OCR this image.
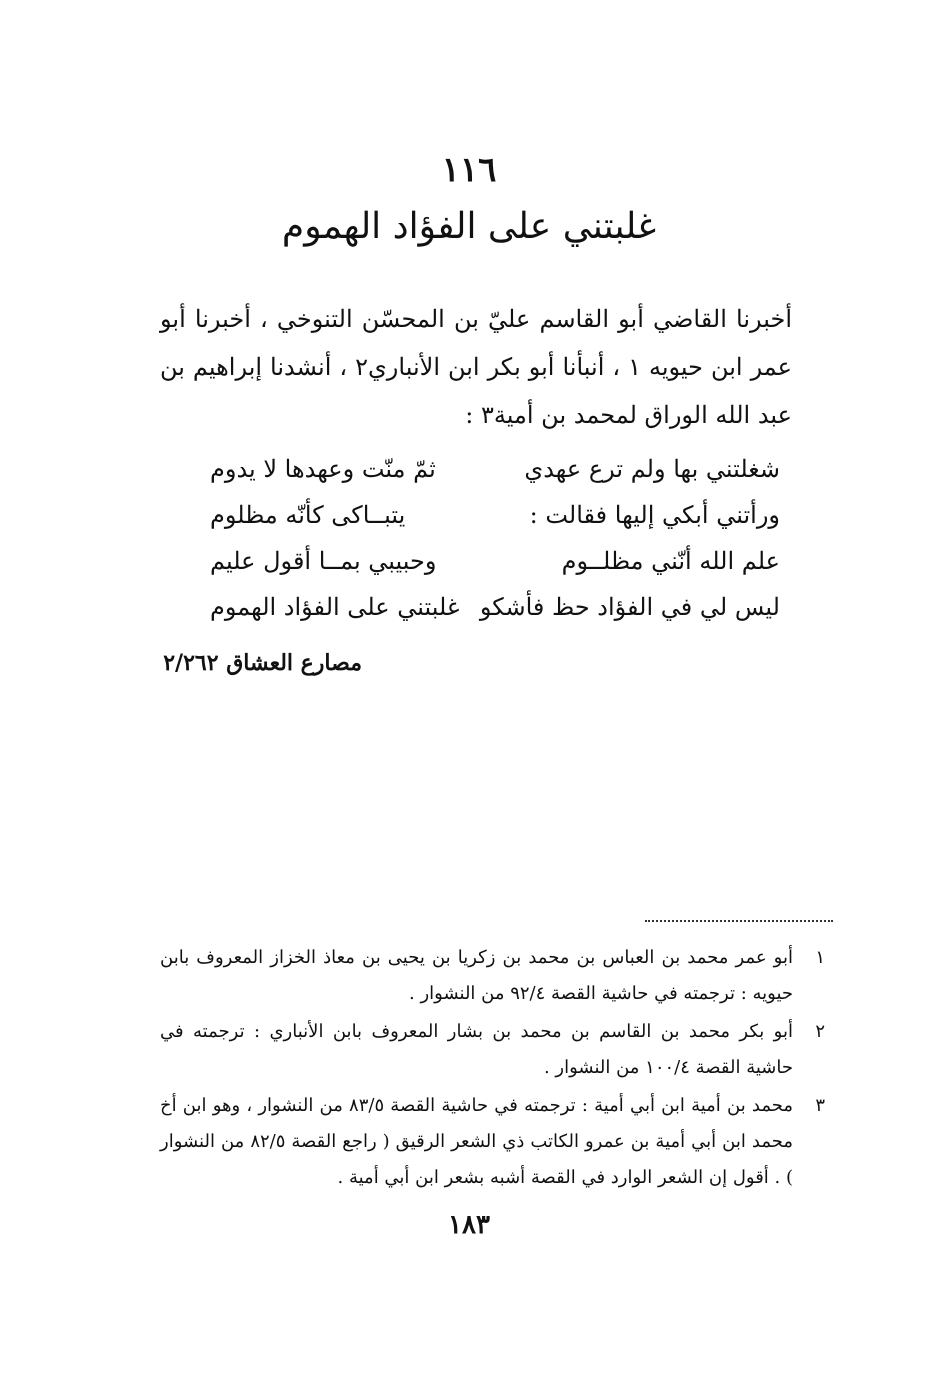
١١٦
غلبتني على الفؤاد الهموم
أخبرنا القاضي أبو القاسم عليّ بن المحسّن التنوخي ، أخبرنا أبو عمر ابن حيويه ١ ، أنبأنا أبو بكر ابن الأنباري٢ ، أنشدنا إبراهيم بن عبد الله الوراق لمحمد بن أمية٣ :
شغلتني بها ولم ترع عهدي
ثمّ منّت وعهدها لا يدوم
ورأتني أبكي إليها فقالت :
يتبــاكى كأنّه مظلوم
علم الله أنّني مظلــوم
وحبيبي بمــا أقول عليم
ليس لي في الفؤاد حظ فأشكو
غلبتني على الفؤاد الهموم
مصارع العشاق ٢/٢٦٢
١
أبو عمر محمد بن العباس بن محمد بن زكريا بن يحيى بن معاذ الخزاز المعروف بابن حيويه : ترجمته في حاشية القصة ٩٢/٤ من النشوار .
٢
أبو بكر محمد بن القاسم بن محمد بن بشار المعروف بابن الأنباري : ترجمته في حاشية القصة ١٠٠/٤ من النشوار .
٣
محمد بن أمية ابن أبي أمية : ترجمته في حاشية القصة ٨٣/٥ من النشوار ، وهو ابن أخ محمد ابن أبي أمية بن عمرو الكاتب ذي الشعر الرقيق ( راجع القصة ٨٢/٥ من النشوار ) . أقول إن الشعر الوارد في القصة أشبه بشعر ابن أبي أمية .
١٨٣
